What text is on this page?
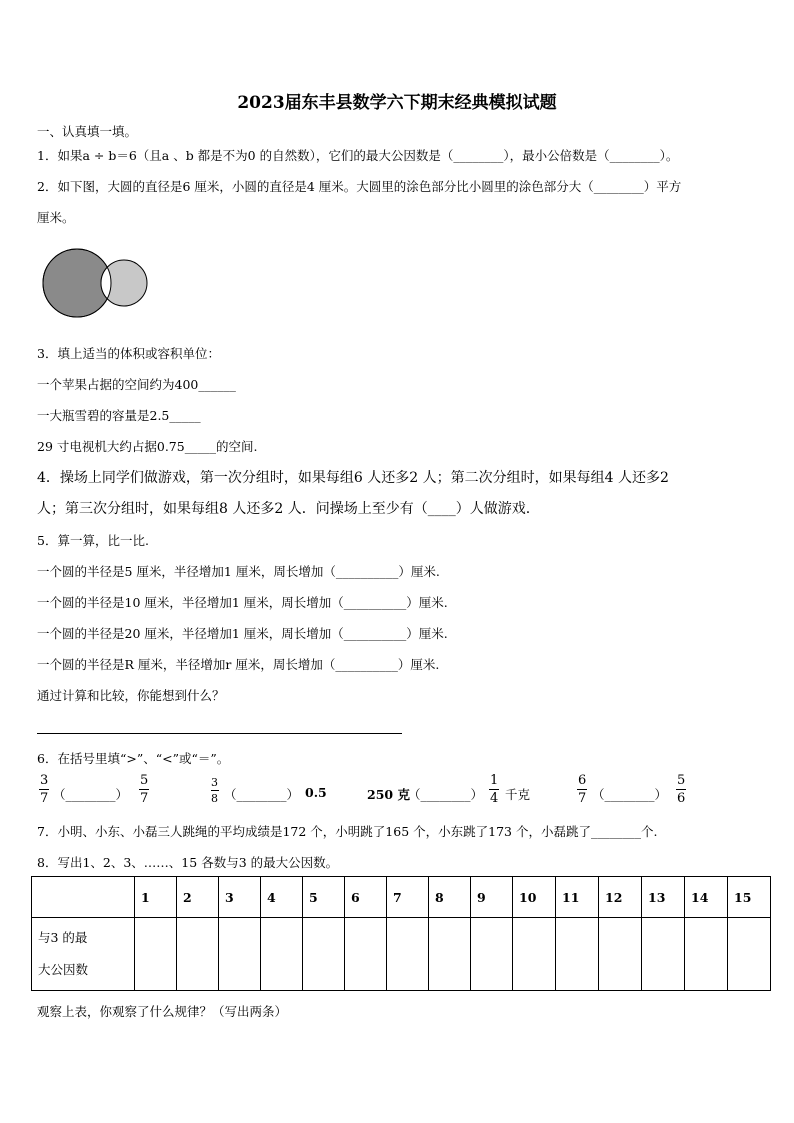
2023届东丰县数学六下期末经典模拟试题
一、认真填一填。
1．如果a ÷ b＝6（且a 、b 都是不为0 的自然数），它们的最大公因数是（________），最小公倍数是（________）。
2．如下图，大圆的直径是6 厘米，小圆的直径是4 厘米。大圆里的涂色部分比小圆里的涂色部分大（________）平方
厘米。
3．填上适当的体积或容积单位：
一个苹果占据的空间约为400______
一大瓶雪碧的容量是2.5_____
29 寸电视机大约占据0.75_____的空间.
4．操场上同学们做游戏，第一次分组时，如果每组6 人还多2 人；第二次分组时，如果每组4 人还多2
人；第三次分组时，如果每组8 人还多2 人．问操场上至少有（____）人做游戏.
5．算一算，比一比.
一个圆的半径是5 厘米，半径增加1 厘米，周长增加（__________）厘米.
一个圆的半径是10 厘米，半径增加1 厘米，周长增加（__________）厘米.
一个圆的半径是20 厘米，半径增加1 厘米，周长增加（__________）厘米.
一个圆的半径是R 厘米，半径增加r 厘米，周长增加（__________）厘米.
通过计算和比较，你能想到什么？
6．在括号里填“>”、“<”或“＝”。
3
7 （________）
5
7
3
8 （________） 0.5	250 克
（________）
1
4 千克
6
7 （________）
5
6
7．小明、小东、小磊三人跳绳的平均成绩是172 个，小明跳了165 个，小东跳了173 个，小磊跳了________个.
8．写出1、2、3、……、15 各数与3 的最大公因数。
	1	2	3	4	5	6	7	8	9	10	11	12	13	14	15
与3 的最
大公因数															
观察上表，你观察了什么规律？（写出两条）
